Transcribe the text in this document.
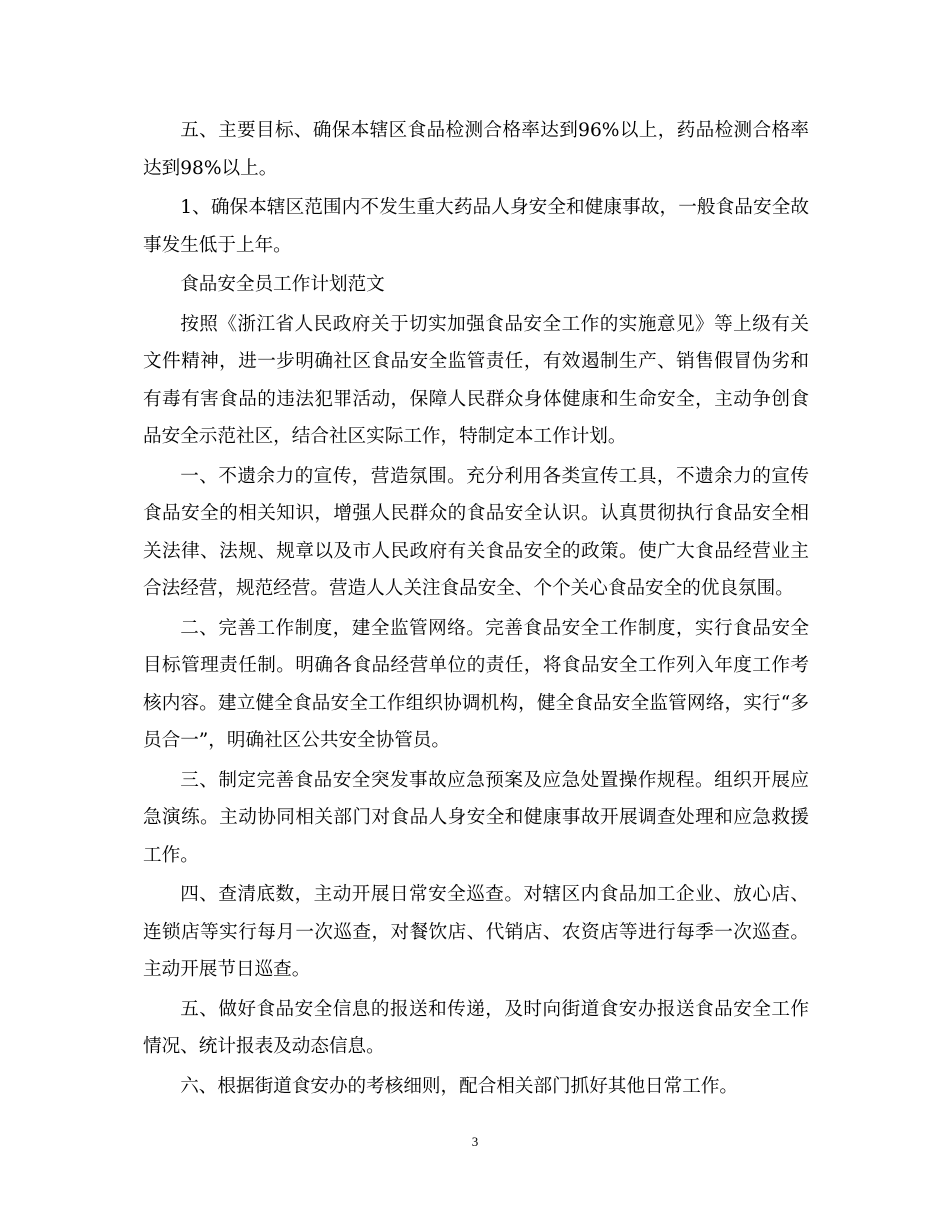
五、主要目标、确保本辖区食品检测合格率达到96%以上，药品检测合格率达到98%以上。

1、确保本辖区范围内不发生重大药品人身安全和健康事故，一般食品安全故事发生低于上年。

食品安全员工作计划范文

按照《浙江省人民政府关于切实加强食品安全工作的实施意见》等上级有关文件精神，进一步明确社区食品安全监管责任，有效遏制生产、销售假冒伪劣和有毒有害食品的违法犯罪活动，保障人民群众身体健康和生命安全，主动争创食品安全示范社区，结合社区实际工作，特制定本工作计划。

一、不遗余力的宣传，营造氛围。充分利用各类宣传工具，不遗余力的宣传食品安全的相关知识，增强人民群众的食品安全认识。认真贯彻执行食品安全相关法律、法规、规章以及市人民政府有关食品安全的政策。使广大食品经营业主合法经营，规范经营。营造人人关注食品安全、个个关心食品安全的优良氛围。

二、完善工作制度，建全监管网络。完善食品安全工作制度，实行食品安全目标管理责任制。明确各食品经营单位的责任，将食品安全工作列入年度工作考核内容。建立健全食品安全工作组织协调机构，健全食品安全监管网络，实行“多员合一”，明确社区公共安全协管员。

三、制定完善食品安全突发事故应急预案及应急处置操作规程。组织开展应急演练。主动协同相关部门对食品人身安全和健康事故开展调查处理和应急救援工作。

四、查清底数，主动开展日常安全巡查。对辖区内食品加工企业、放心店、连锁店等实行每月一次巡查，对餐饮店、代销店、农资店等进行每季一次巡查。主动开展节日巡查。

五、做好食品安全信息的报送和传递，及时向街道食安办报送食品安全工作情况、统计报表及动态信息。

六、根据街道食安办的考核细则，配合相关部门抓好其他日常工作。

3
